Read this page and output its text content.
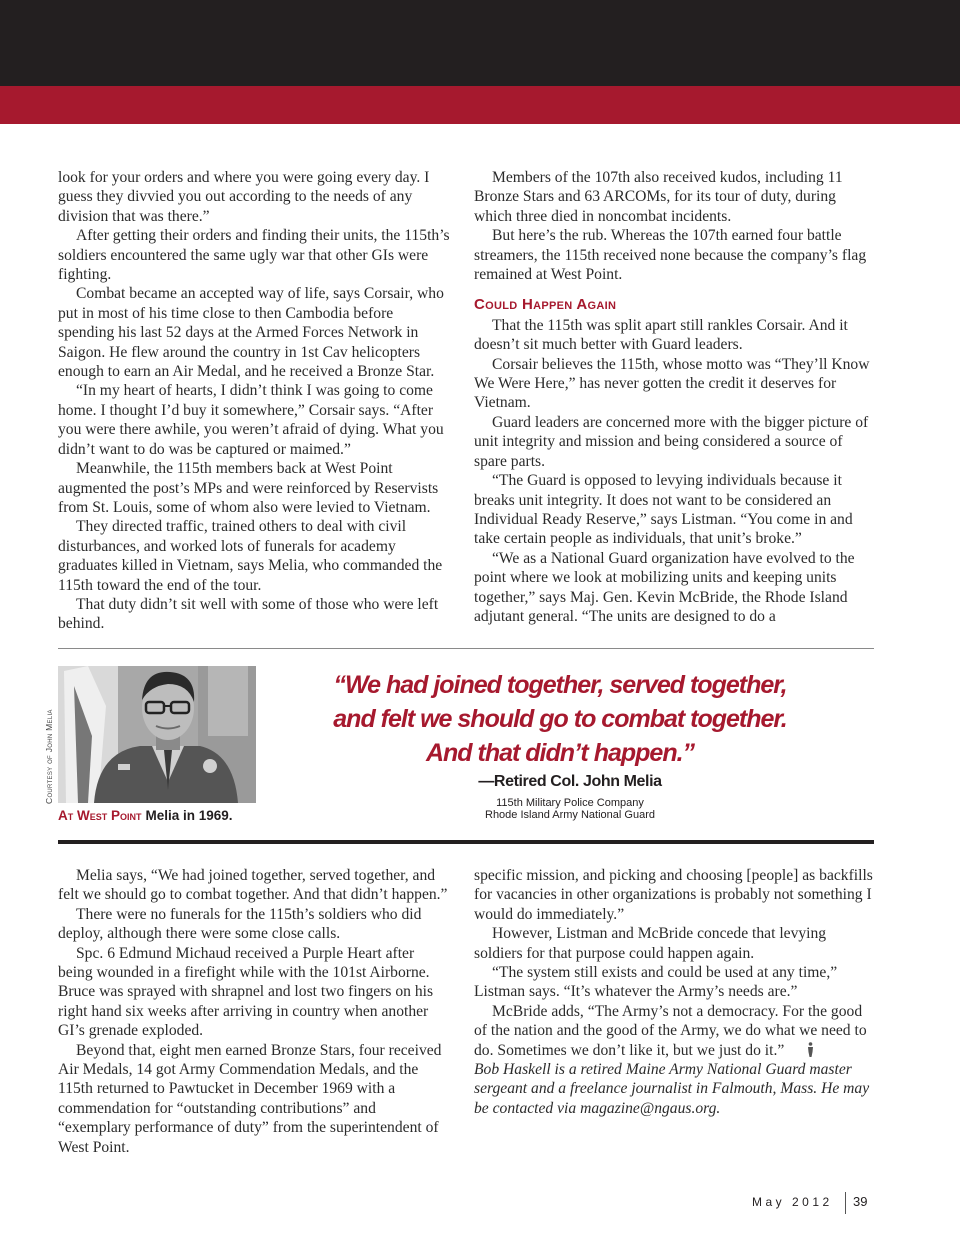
look for your orders and where you were going every day. I guess they divvied you out according to the needs of any division that was there.”

After getting their orders and finding their units, the 115th’s soldiers encountered the same ugly war that other GIs were fighting.

Combat became an accepted way of life, says Corsair, who put in most of his time close to then Cambodia before spending his last 52 days at the Armed Forces Network in Saigon. He flew around the country in 1st Cav helicopters enough to earn an Air Medal, and he received a Bronze Star.

“In my heart of hearts, I didn’t think I was going to come home. I thought I’d buy it somewhere,” Corsair says. “After you were there awhile, you weren’t afraid of dying. What you didn’t want to do was be captured or maimed.”

Meanwhile, the 115th members back at West Point augmented the post’s MPs and were reinforced by Reservists from St. Louis, some of whom also were levied to Vietnam.

They directed traffic, trained others to deal with civil disturbances, and worked lots of funerals for academy graduates killed in Vietnam, says Melia, who commanded the 115th toward the end of the tour.

That duty didn’t sit well with some of those who were left behind.

Members of the 107th also received kudos, including 11 Bronze Stars and 63 ARCOMs, for its tour of duty, during which three died in noncombat incidents.

But here’s the rub. Whereas the 107th earned four battle streamers, the 115th received none because the company’s flag remained at West Point.

Could Happen Again

That the 115th was split apart still rankles Corsair. And it doesn’t sit much better with Guard leaders.

Corsair believes the 115th, whose motto was “They’ll Know We Were Here,” has never gotten the credit it deserves for Vietnam.

Guard leaders are concerned more with the bigger picture of unit integrity and mission and being considered a source of spare parts.

“The Guard is opposed to levying individuals because it breaks unit integrity. It does not want to be considered an Individual Ready Reserve,” says Listman. “You come in and take certain people as individuals, that unit’s broke.”

“We as a National Guard organization have evolved to the point where we look at mobilizing units and keeping units together,” says Maj. Gen. Kevin McBride, the Rhode Island adjutant general. “The units are designed to do a

Courtesy of John Melia
At West Point Melia in 1969.
“We had joined together, served together,
and felt we should go to combat together.
And that didn’t happen.”
—Retired Col. John Melia
115th Military Police Company
Rhode Island Army National Guard

Melia says, “We had joined together, served together, and felt we should go to combat together. And that didn’t happen.”

There were no funerals for the 115th’s soldiers who did deploy, although there were some close calls.

Spc. 6 Edmund Michaud received a Purple Heart after being wounded in a firefight while with the 101st Airborne. Bruce was sprayed with shrapnel and lost two fingers on his right hand six weeks after arriving in country when another GI’s grenade exploded.

Beyond that, eight men earned Bronze Stars, four received Air Medals, 14 got Army Commendation Medals, and the 115th returned to Pawtucket in December 1969 with a commendation for “outstanding contributions” and “exemplary performance of duty” from the superintendent of West Point.

specific mission, and picking and choosing [people] as backfills for vacancies in other organizations is probably not something I would do immediately.”

However, Listman and McBride concede that levying soldiers for that purpose could happen again.

“The system still exists and could be used at any time,” Listman says. “It’s whatever the Army’s needs are.”

McBride adds, “The Army’s not a democracy. For the good of the nation and the good of the Army, we do what we need to do. Sometimes we don’t like it, but we just do it.”

Bob Haskell is a retired Maine Army National Guard master sergeant and a freelance journalist in Falmouth, Mass. He may be contacted via magazine@ngaus.org.

May 2012	39
